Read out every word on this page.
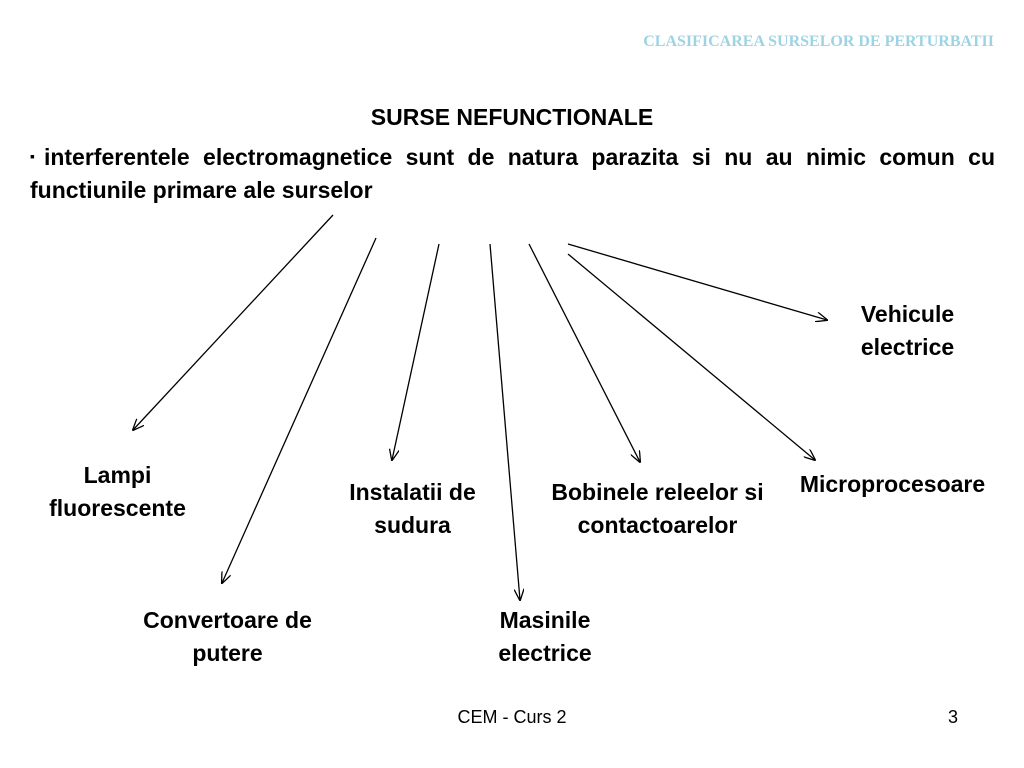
CLASIFICAREA SURSELOR DE PERTURBATII
SURSE NEFUNCTIONALE
▪interferentele electromagnetice sunt de natura parazita si nu au nimic comun cu functiunile primare ale surselor
Vehicule electrice
Lampi fluorescente
Instalatii de sudura
Bobinele releelor si contactoarelor
Microprocesoare
Convertoare de putere
Masinile electrice
CEM - Curs 2	3
